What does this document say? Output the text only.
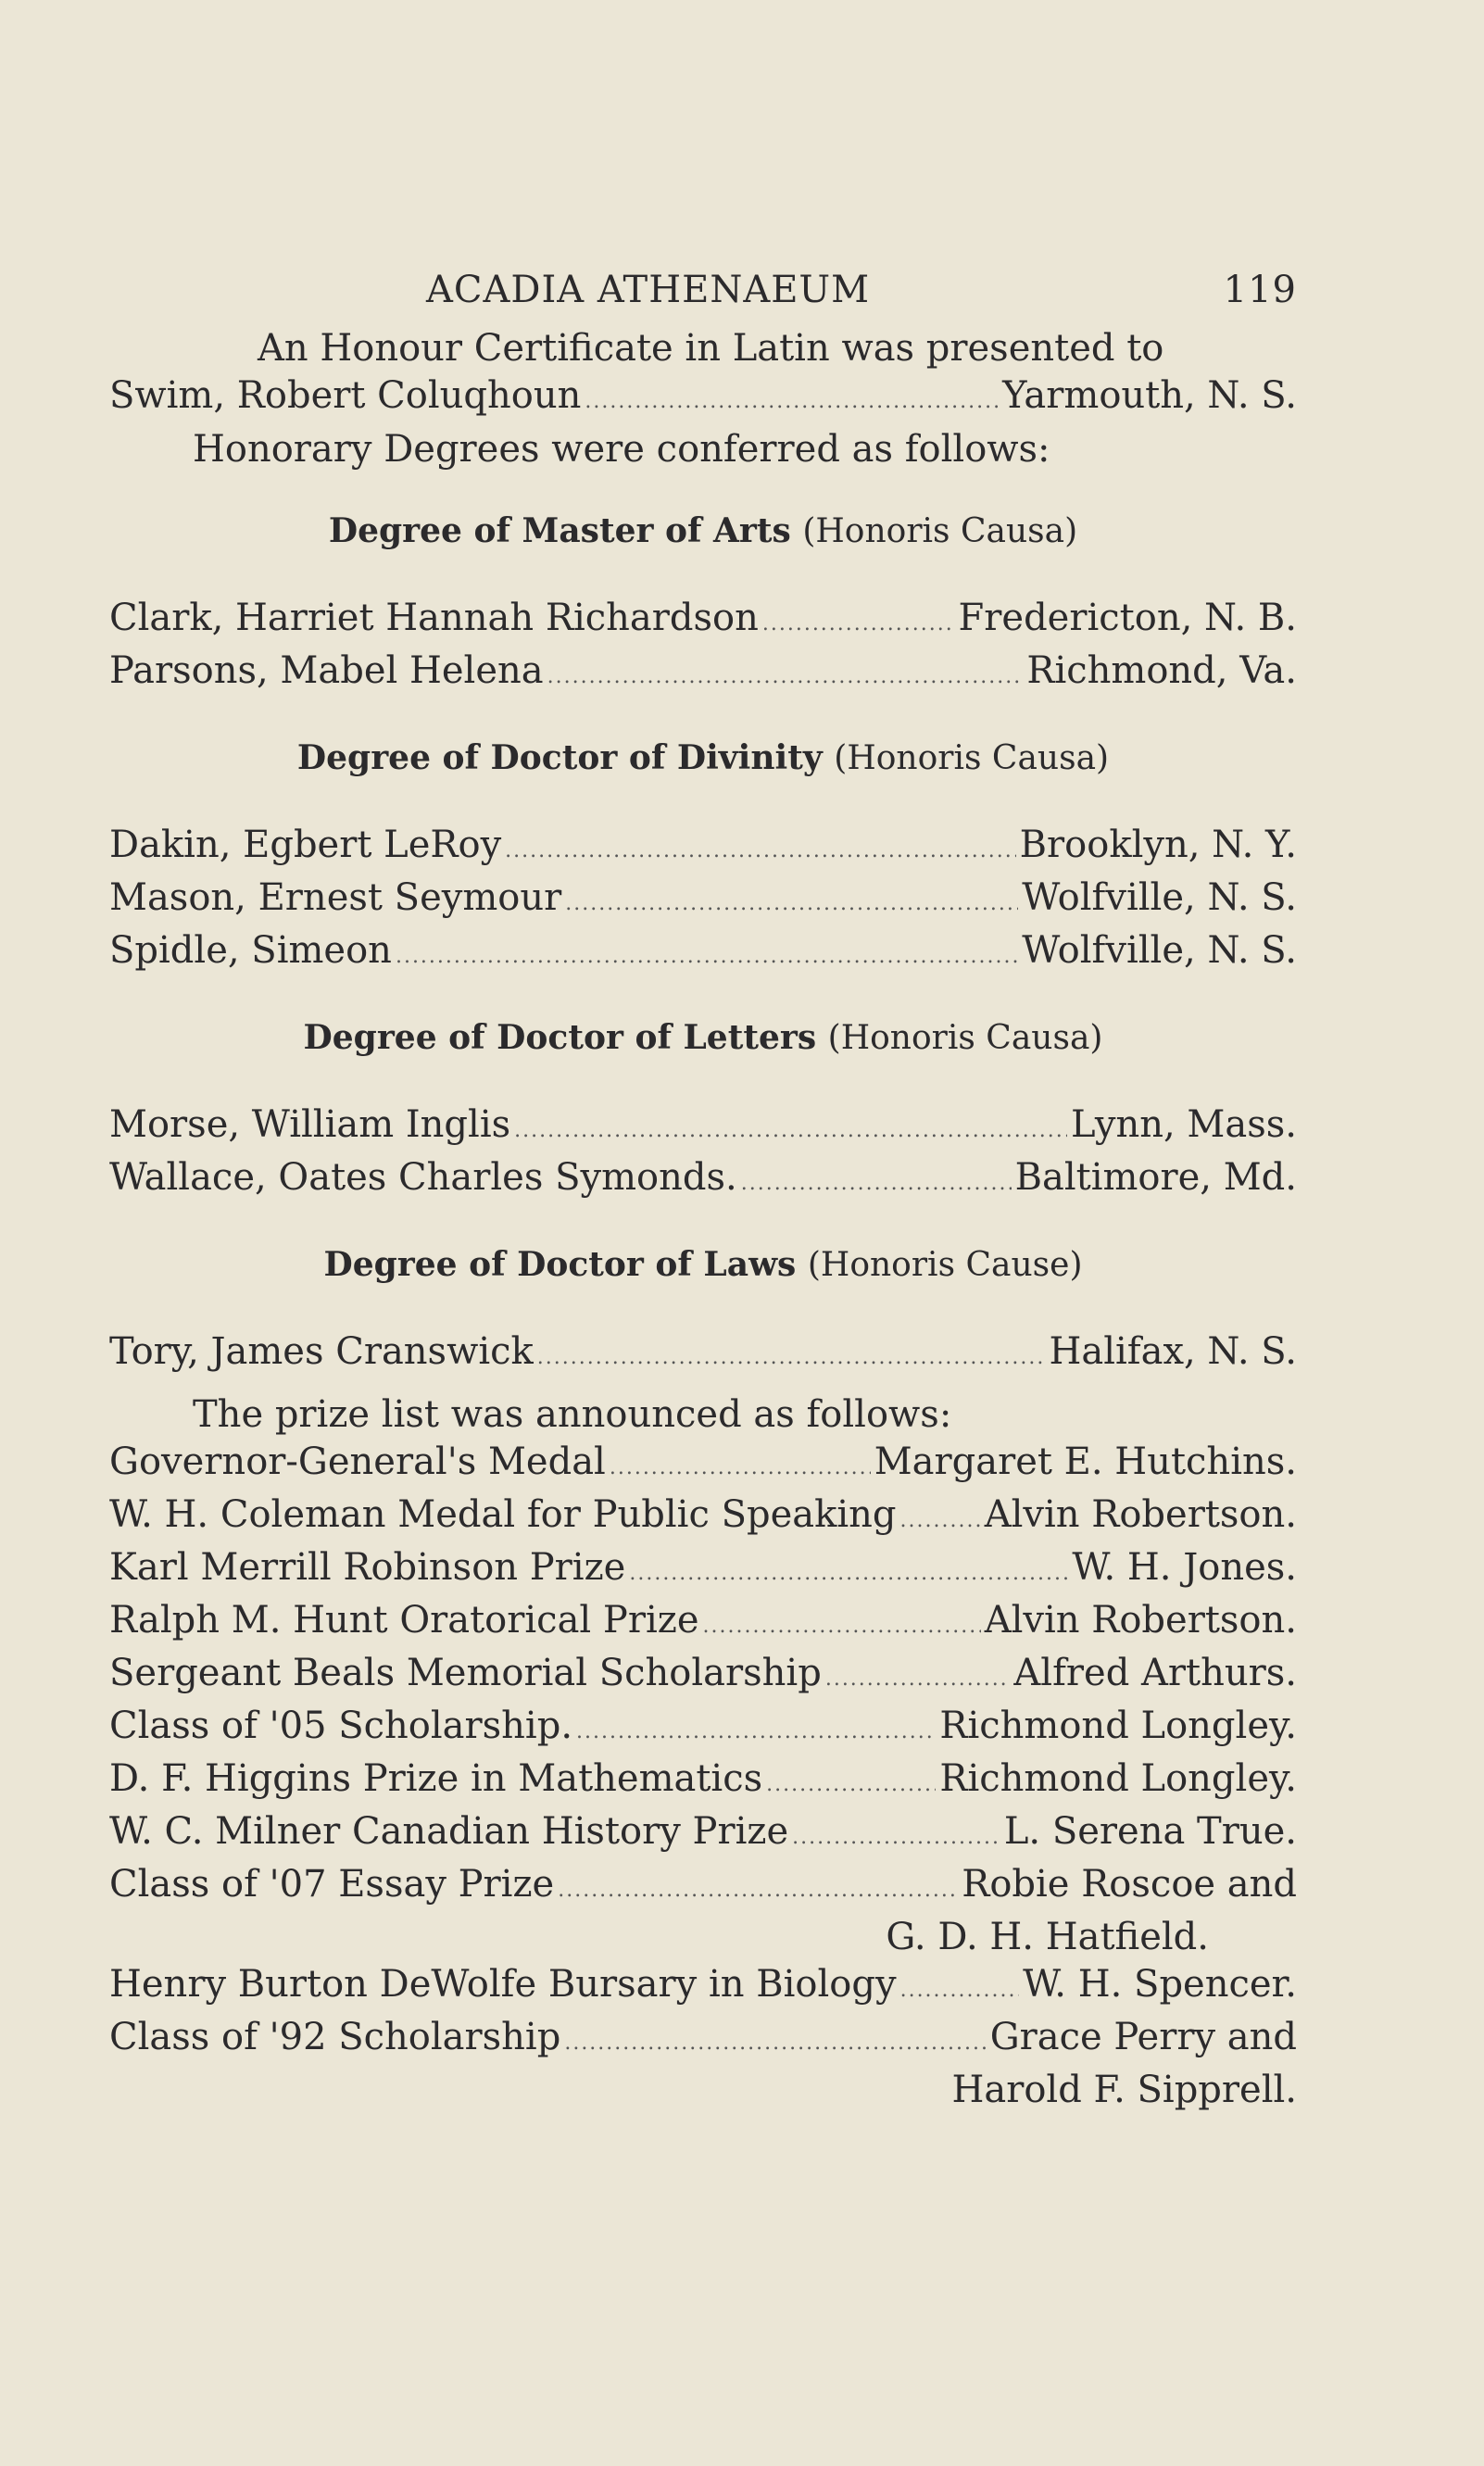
ACADIA ATHENAEUM	119
An Honour Certificate in Latin was presented to
Swim, Robert Coluqhoun .....	Yarmouth, N. S.
Honorary Degrees were conferred as follows:
Degree of Master of Arts (Honoris Causa)
Clark, Harriet Hannah Richardson .....	Fredericton, N. B.
Parsons, Mabel Helena .....	Richmond, Va.
Degree of Doctor of Divinity (Honoris Causa)
Dakin, Egbert LeRoy .....	Brooklyn, N. Y.
Mason, Ernest Seymour .....	Wolfville, N. S.
Spidle, Simeon .....	Wolfville, N. S.
Degree of Doctor of Letters (Honoris Causa)
Morse, William Inglis .....	Lynn, Mass.
Wallace, Oates Charles Symonds. .....	Baltimore, Md.
Degree of Doctor of Laws (Honoris Cause)
Tory, James Cranswick .....	Halifax, N. S.
The prize list was announced as follows:
Governor-General's Medal .....	Margaret E. Hutchins.
W. H. Coleman Medal for Public Speaking ..... Alvin Robertson.
Karl Merrill Robinson Prize .....	W. H. Jones.
Ralph M. Hunt Oratorical Prize .....	Alvin Robertson.
Sergeant Beals Memorial Scholarship .....	Alfred Arthurs.
Class of '05 Scholarship. .....	Richmond Longley.
D. F. Higgins Prize in Mathematics .....	Richmond Longley.
W. C. Milner Canadian History Prize .....	L. Serena True.
Class of '07 Essay Prize .....	Robie Roscoe and
G. D. H. Hatfield.
Henry Burton DeWolfe Bursary in Biology .....	W. H. Spencer.
Class of '92 Scholarship .....	Grace Perry and
Harold F. Sipprell.
